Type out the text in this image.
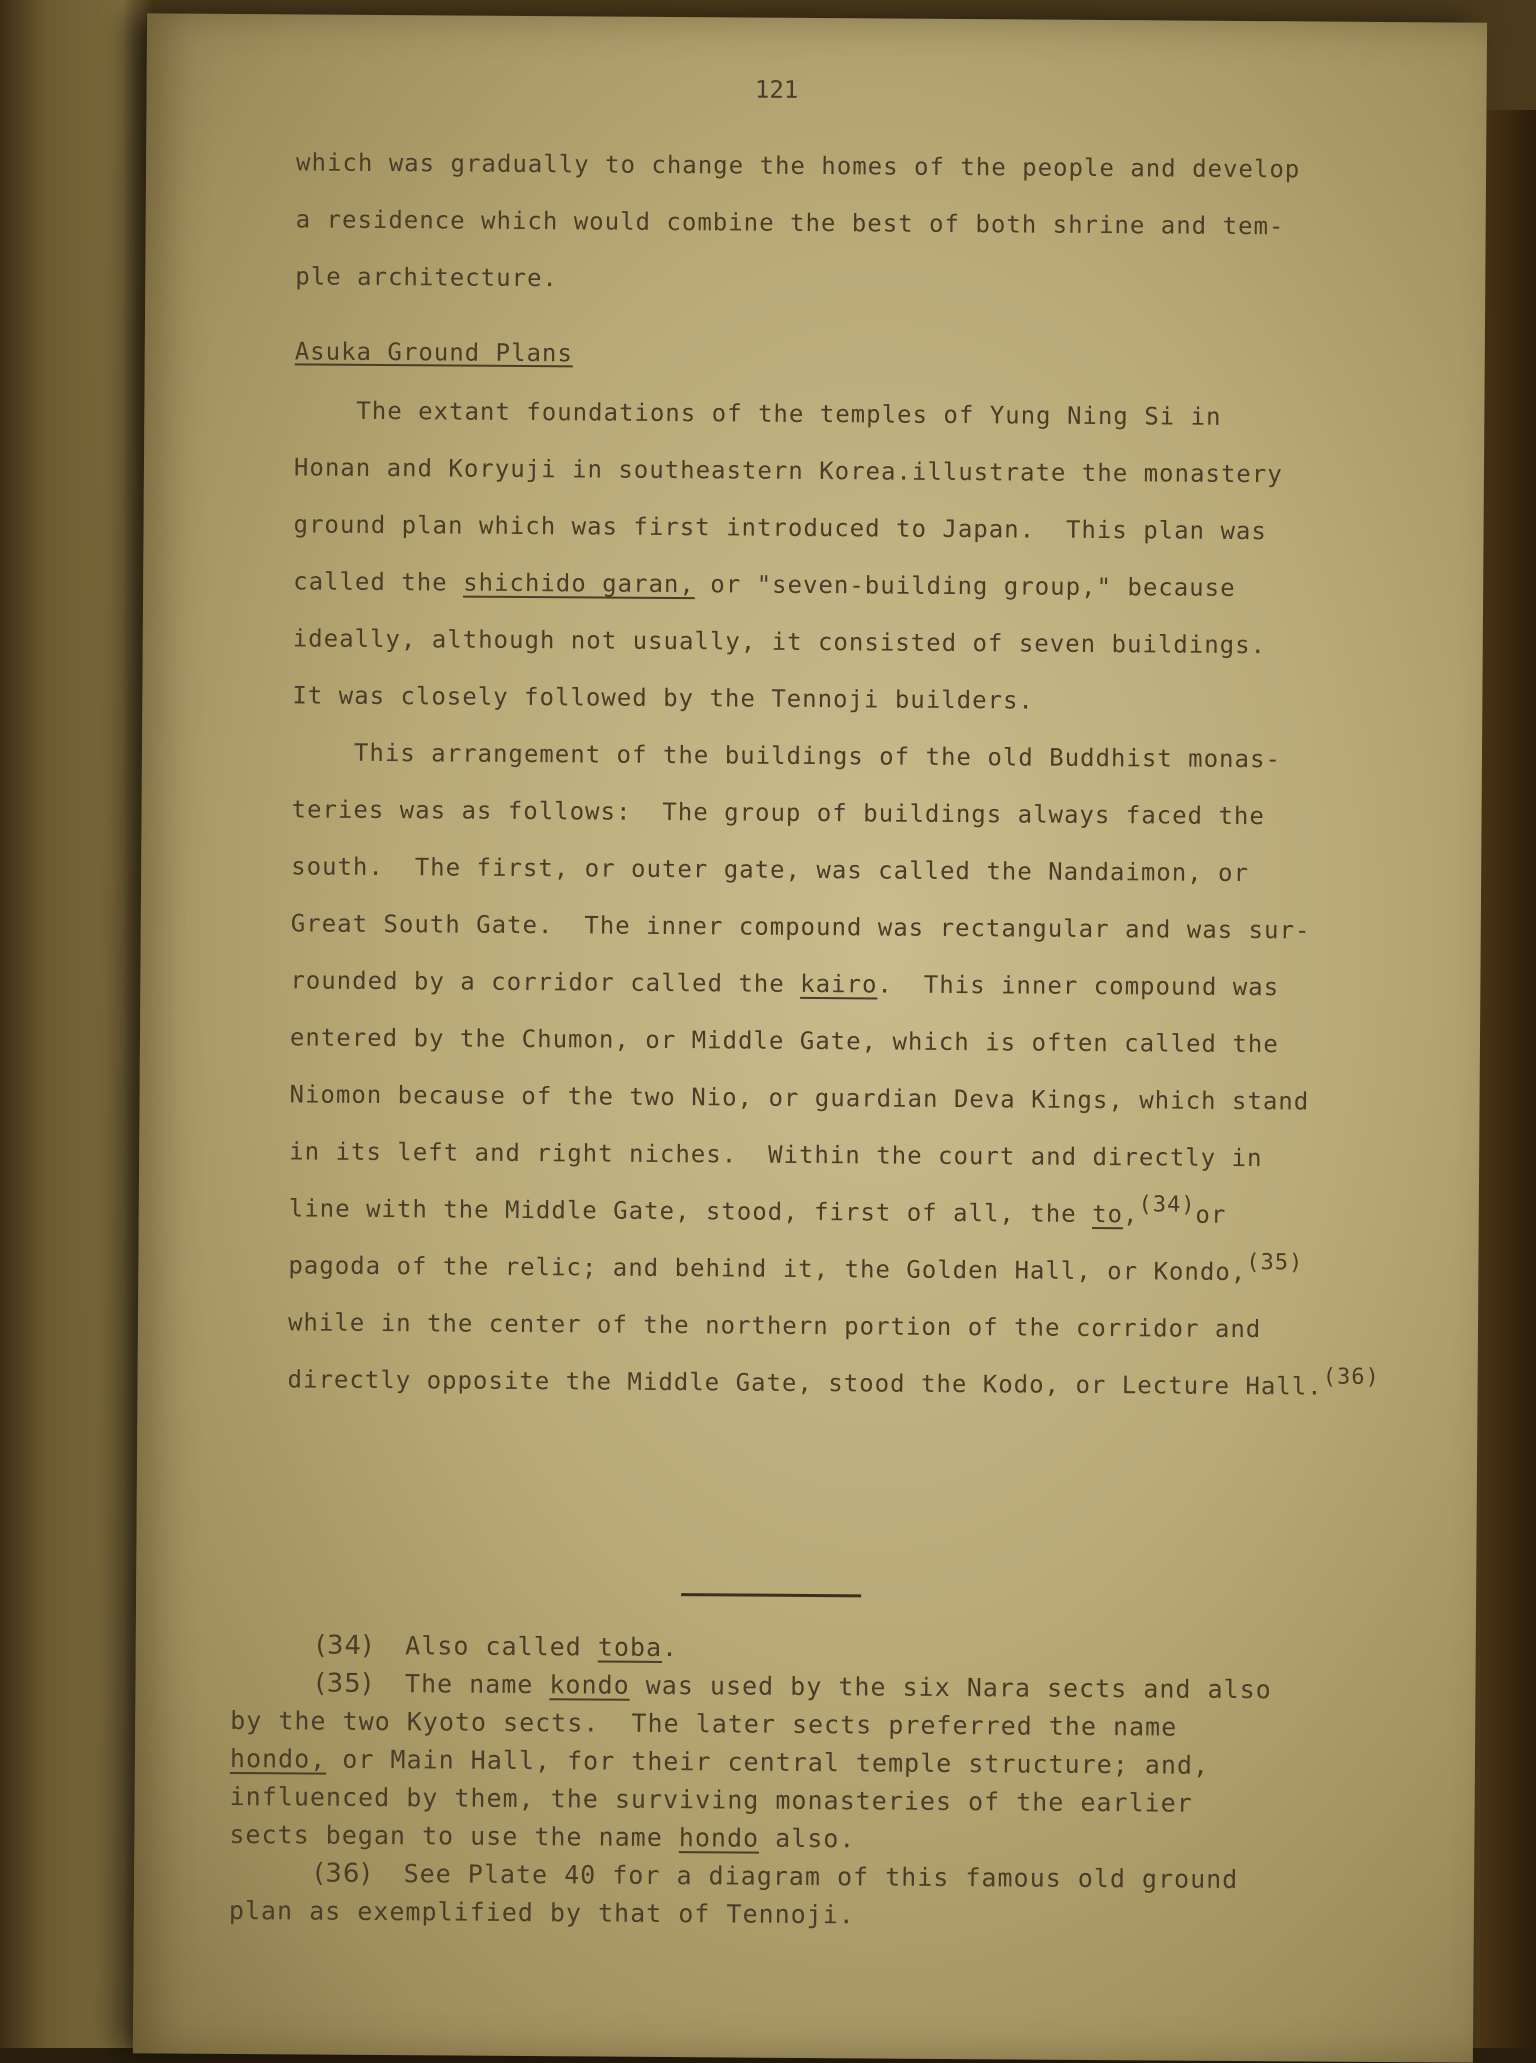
121

which was gradually to change the homes of the people and develop
a residence which would combine the best of both shrine and tem-
ple architecture.

Asuka Ground Plans

The extant foundations of the temples of Yung Ning Si in
Honan and Koryuji in southeastern Korea.illustrate the monastery
ground plan which was first introduced to Japan.  This plan was
called the shichido garan, or "seven-building group," because
ideally, although not usually, it consisted of seven buildings.
It was closely followed by the Tennoji builders.

This arrangement of the buildings of the old Buddhist monas-
teries was as follows:  The group of buildings always faced the
south.  The first, or outer gate, was called the Nandaimon, or
Great South Gate.  The inner compound was rectangular and was sur-
rounded by a corridor called the kairo.  This inner compound was
entered by the Chumon, or Middle Gate, which is often called the
Niomon because of the two Nio, or guardian Deva Kings, which stand
in its left and right niches.  Within the court and directly in
line with the Middle Gate, stood, first of all, the to,$^{(34)}$or
pagoda of the relic; and behind it, the Golden Hall, or Kondo,$^{(35)}$
while in the center of the northern portion of the corridor and
directly opposite the Middle Gate, stood the Kodo, or Lecture Hall.$^{(36)}$

(34) Also called toba.
(35) The name kondo was used by the six Nara sects and also
by the two Kyoto sects.  The later sects preferred the name
hondo, or Main Hall, for their central temple structure; and,
influenced by them, the surviving monasteries of the earlier
sects began to use the name hondo also.
(36) See Plate 40 for a diagram of this famous old ground
plan as exemplified by that of Tennoji.
